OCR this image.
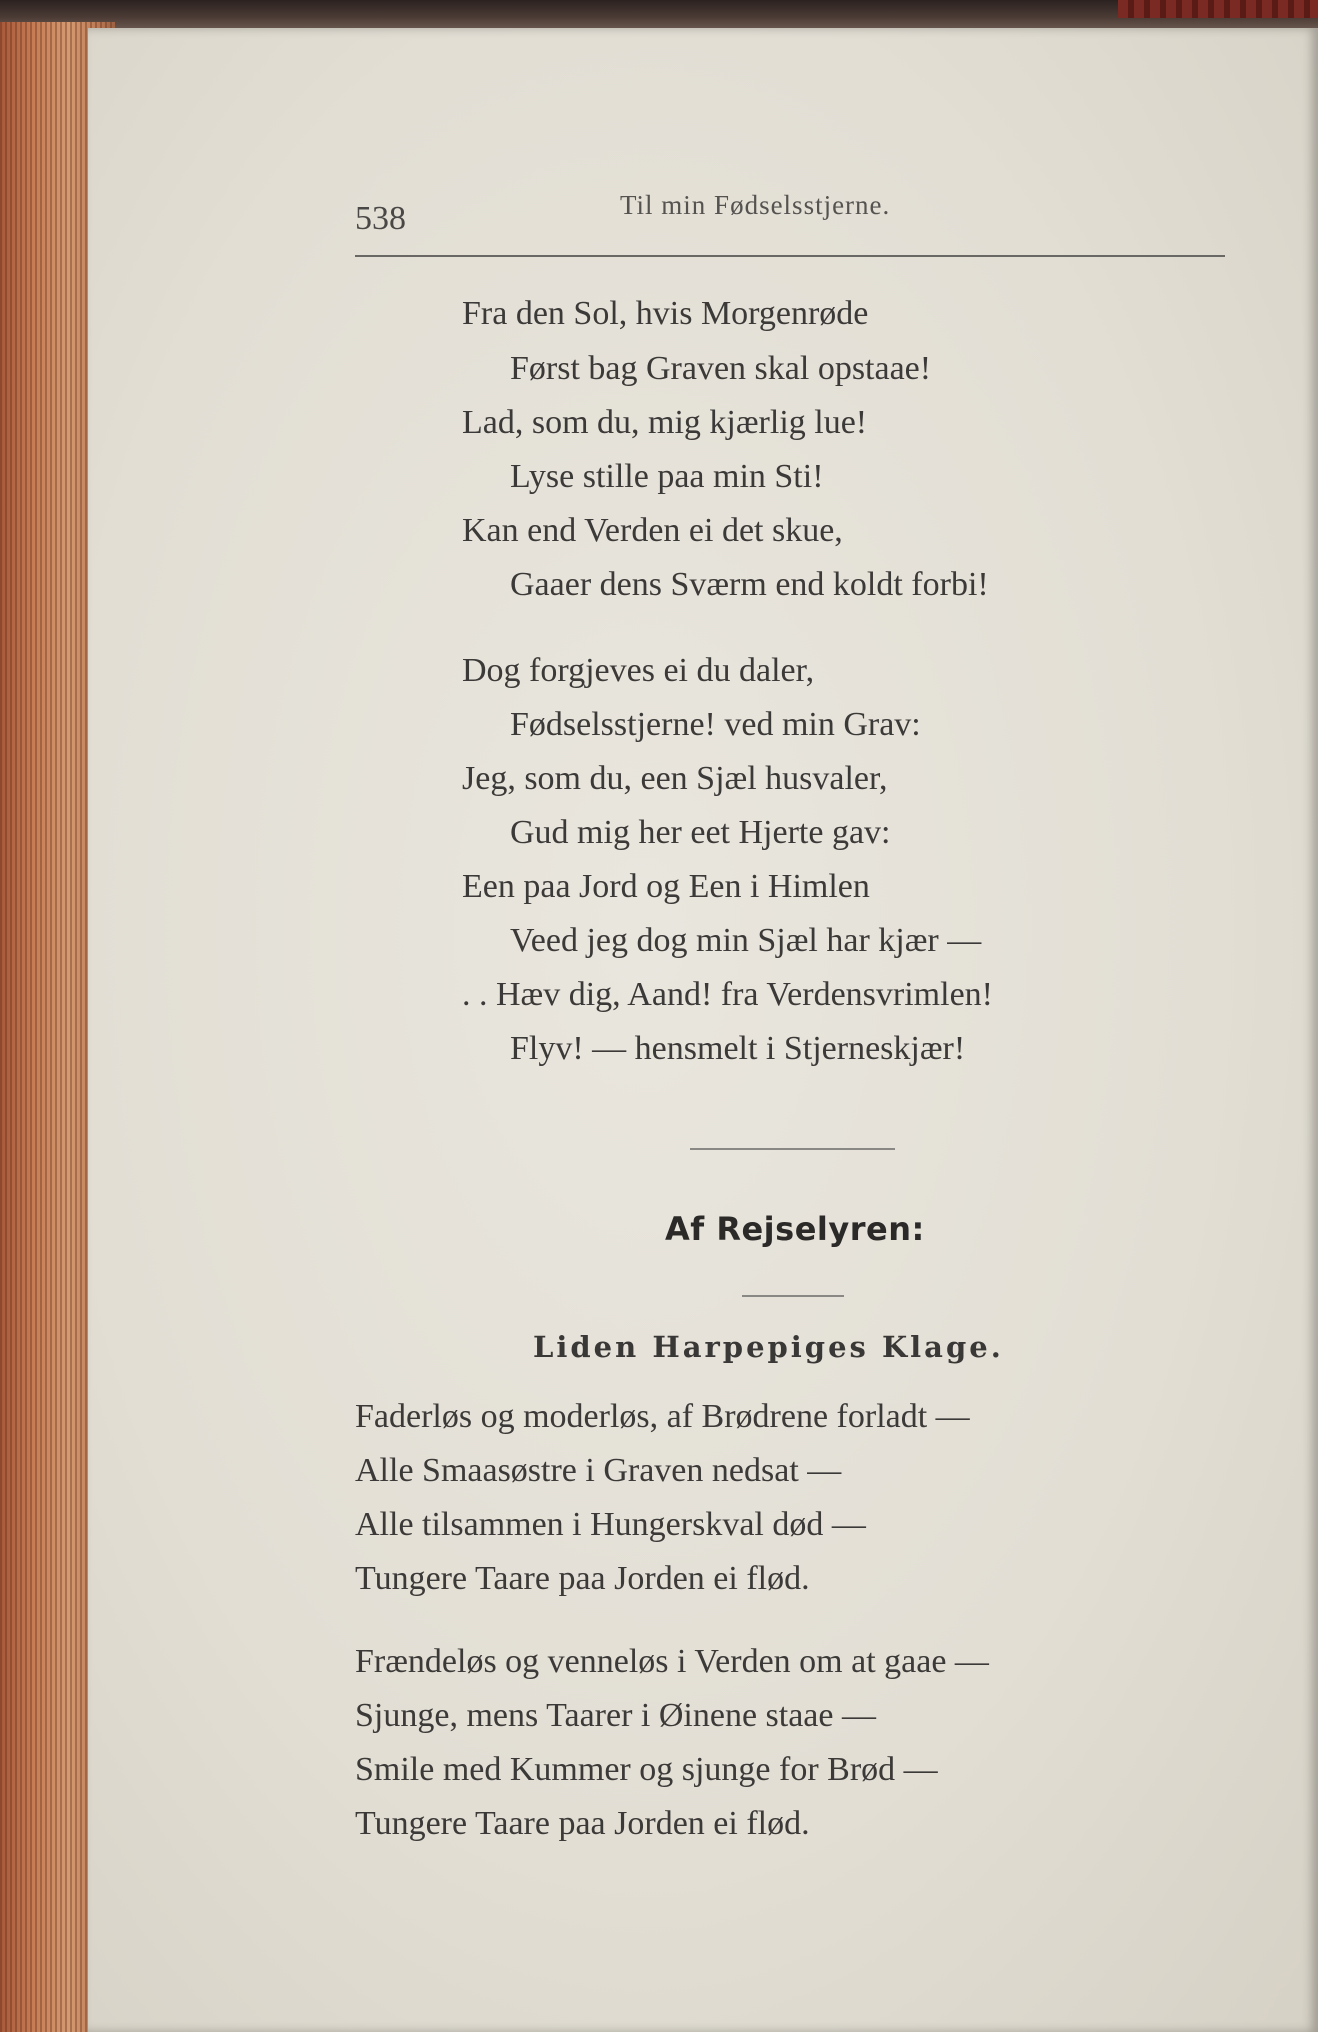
538	Til min Fødselsstjerne.
Fra den Sol, hvis Morgenrøde
Først bag Graven skal opstaae!
Lad, som du, mig kjærlig lue!
Lyse stille paa min Sti!
Kan end Verden ei det skue,
Gaaer dens Sværm end koldt forbi!
Dog forgjeves ei du daler,
Fødselsstjerne! ved min Grav:
Jeg, som du, een Sjæl husvaler,
Gud mig her eet Hjerte gav:
Een paa Jord og Een i Himlen
Veed jeg dog min Sjæl har kjær —
. . Hæv dig, Aand! fra Verdensvrimlen!
Flyv! — hensmelt i Stjerneskjær!
Af Rejselyren:
Liden Harpepiges Klage.
Faderløs og moderløs, af Brødrene forladt —
Alle Smaasøstre i Graven nedsat —
Alle tilsammen i Hungerskval død —
Tungere Taare paa Jorden ei flød.
Frændeløs og venneløs i Verden om at gaae —
Sjunge, mens Taarer i Øinene staae —
Smile med Kummer og sjunge for Brød —
Tungere Taare paa Jorden ei flød.
